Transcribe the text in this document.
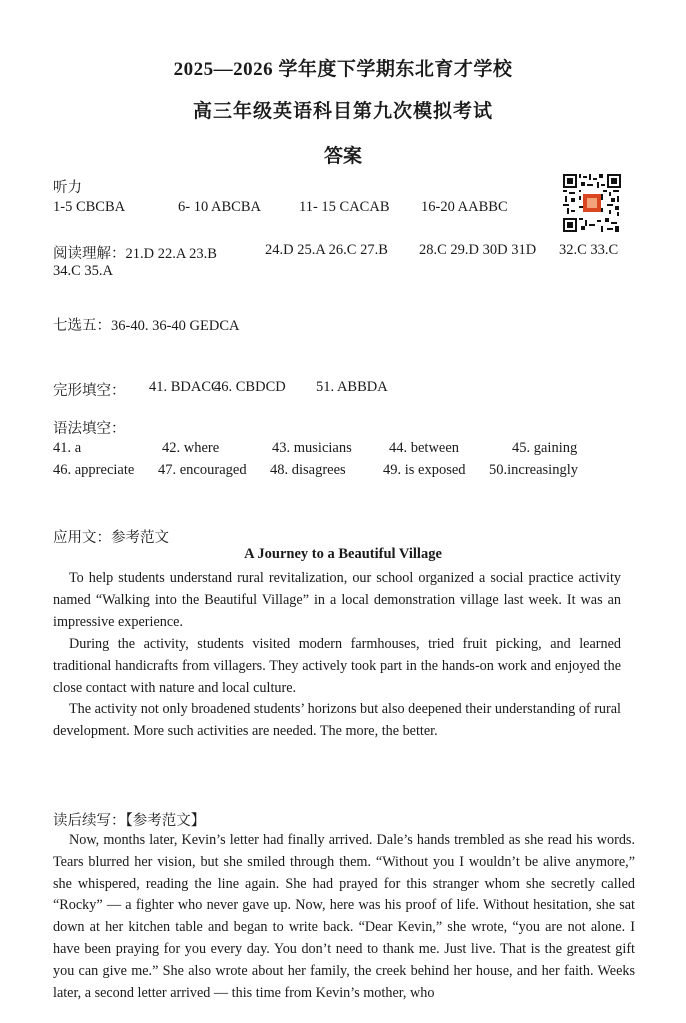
2025—2026 学年度下学期东北育才学校
高三年级英语科目第九次模拟考试
答案
听力
1-5 CBCBA	6- 10 ABCBA	11- 15 CACAB 16-20 AABBC
阅读理解：21.D 22.A 23.B	24.D 25.A 26.C 27.B 28.C 29.D 30D 31D 32.C 33.C
34.C 35.A
七选五：36-40. 36-40 GEDCA
完形填空： 41. BDACC
46. CBDCD 51. ABBDA
语法填空：
41. a	42. where	43. musicians	44. between	45. gaining
46. appreciate 47. encouraged 48. disagrees	49. is exposed 50.increasingly
应用文：参考范文
A Journey to a Beautiful Village
To help students understand rural revitalization, our school organized a social practice activity named “Walking into the Beautiful Village” in a local demonstration village last week. It was an impressive experience.
During the activity, students visited modern farmhouses, tried fruit picking, and learned traditional handicrafts from villagers. They actively took part in the hands-on work and enjoyed the close contact with nature and local culture.
The activity not only broadened students’ horizons but also deepened their understanding of rural development. More such activities are needed. The more, the better.
读后续写：【参考范文】
Now, months later, Kevin’s letter had finally arrived. Dale’s hands trembled as she read his words. Tears blurred her vision, but she smiled through them. “Without you I wouldn’t be alive anymore,” she whispered, reading the line again. She had prayed for this stranger whom she secretly called “Rocky” — a fighter who never gave up. Now, here was his proof of life. Without hesitation, she sat down at her kitchen table and began to write back. “Dear Kevin,” she wrote, “you are not alone. I have been praying for you every day. You don’t need to thank me. Just live. That is the greatest gift you can give me.” She also wrote about her family, the creek behind her house, and her faith. Weeks later, a second letter arrived — this time from Kevin’s mother, who
